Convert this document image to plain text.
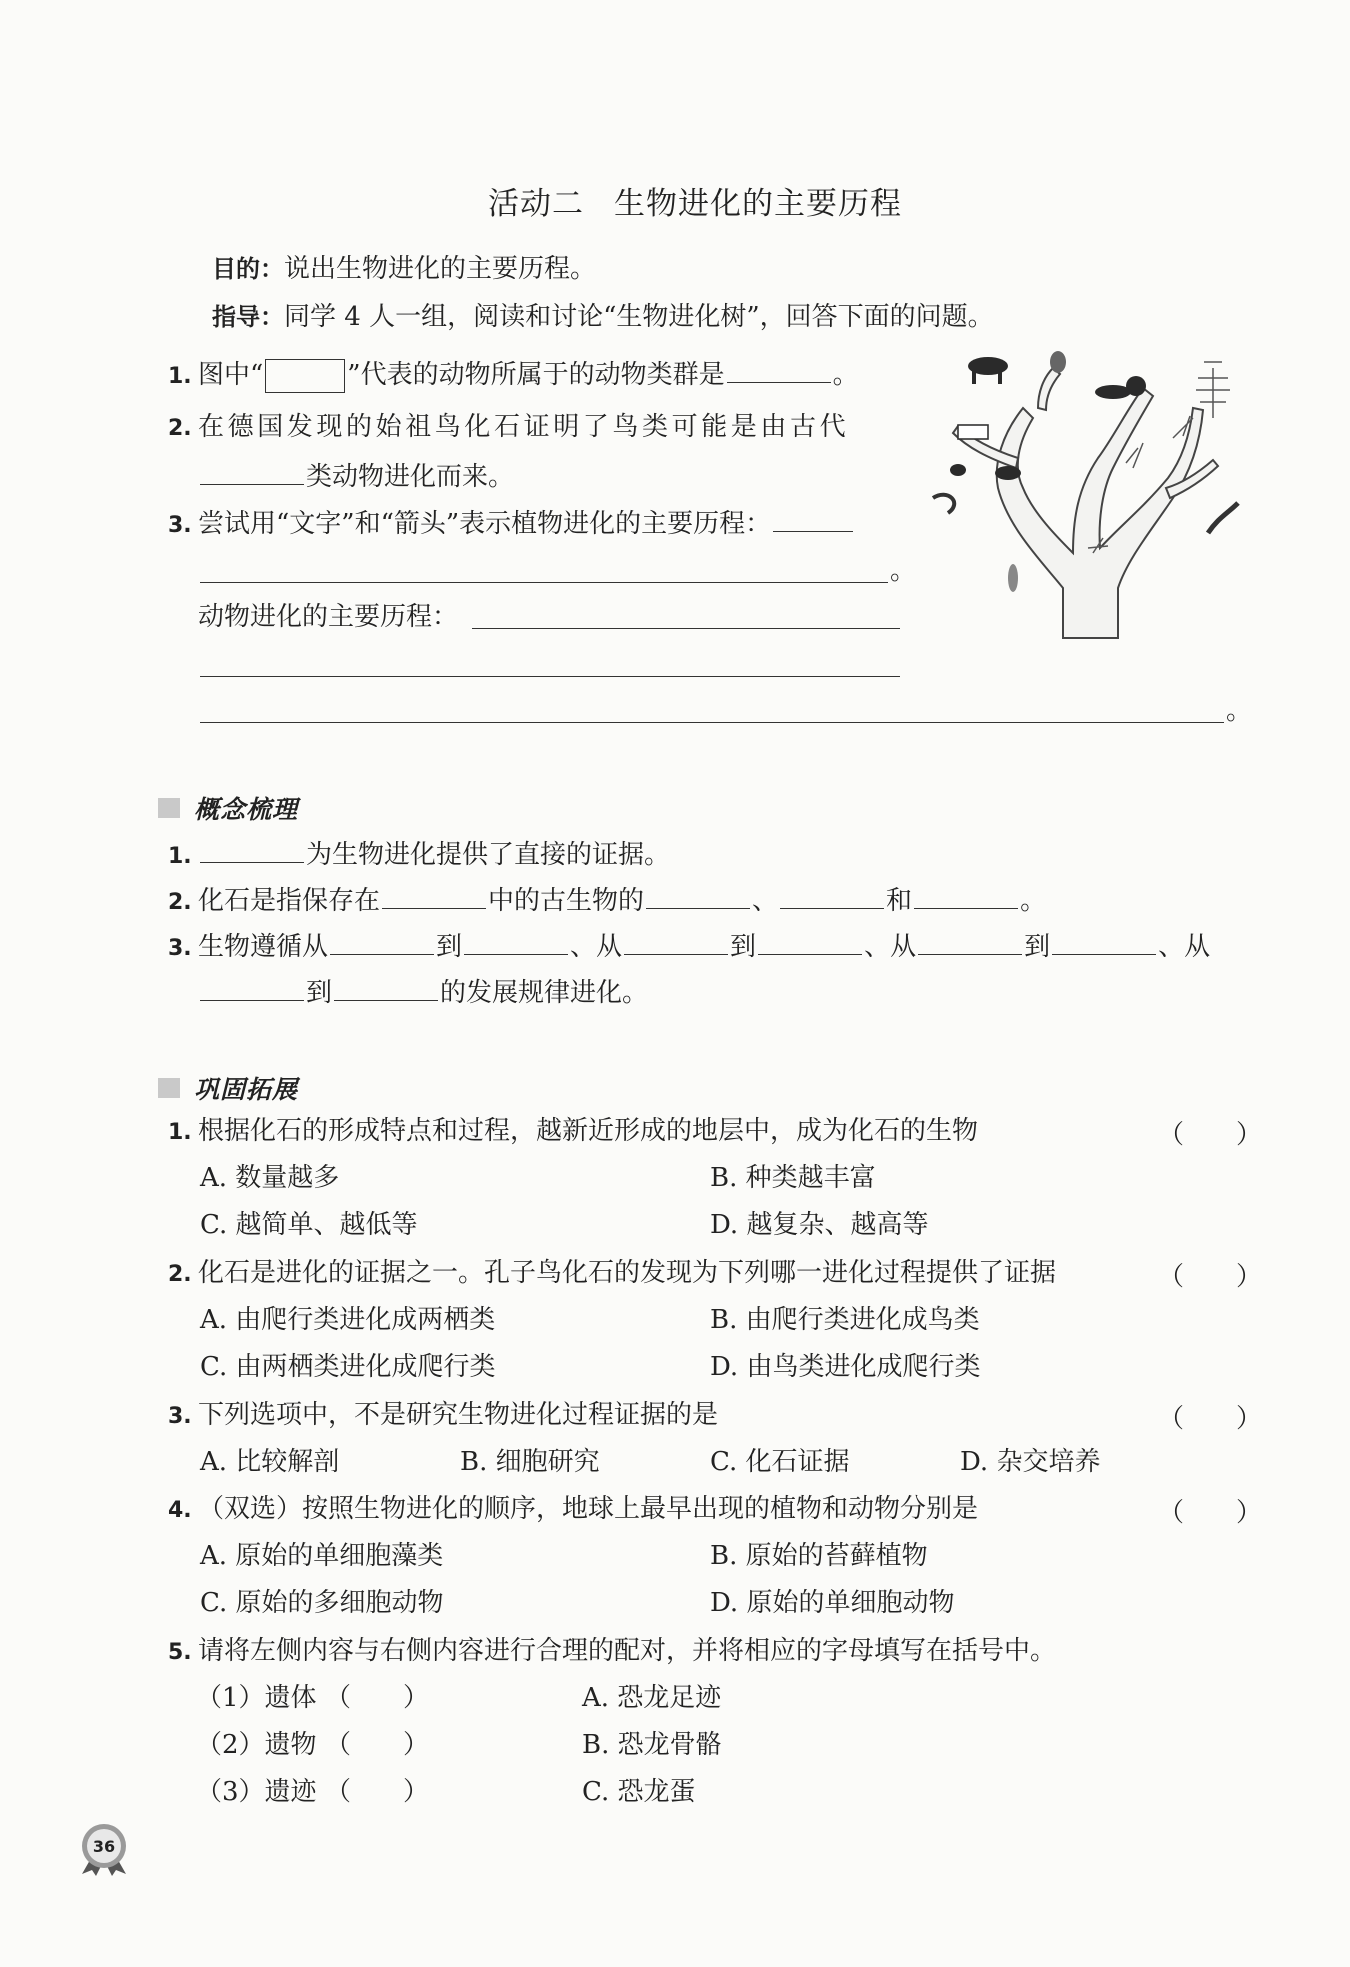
活动二 生物进化的主要历程
目的：说出生物进化的主要历程。
指导：同学 4 人一组，阅读和讨论“生物进化树”，回答下面的问题。
1. 图中“	”代表的动物所属于的动物类群是	。
2. 在德国发现的始祖鸟化石证明了鸟类可能是由古代
类动物进化而来。
3. 尝试用“文字”和“箭头”表示植物进化的主要历程：
。
动物进化的主要历程：
。
概念梳理
1.	为生物进化提供了直接的证据。
2. 化石是指保存在	中的古生物的	、	和	。
3. 生物遵循从	到	、从	到	、从	到	、从
到	的发展规律进化。
巩固拓展
1. 根据化石的形成特点和过程，越新近形成的地层中，成为化石的生物	（　　）
A. 数量越多	B. 种类越丰富
C. 越简单、越低等	D. 越复杂、越高等
2. 化石是进化的证据之一。孔子鸟化石的发现为下列哪一进化过程提供了证据	（　　）
A. 由爬行类进化成两栖类	B. 由爬行类进化成鸟类
C. 由两栖类进化成爬行类	D. 由鸟类进化成爬行类
3. 下列选项中，不是研究生物进化过程证据的是	（　　）
A. 比较解剖	B. 细胞研究	C. 化石证据	D. 杂交培养
4. （双选）按照生物进化的顺序，地球上最早出现的植物和动物分别是	（　　）
A. 原始的单细胞藻类	B. 原始的苔藓植物
C. 原始的多细胞动物	D. 原始的单细胞动物
5. 请将左侧内容与右侧内容进行合理的配对，并将相应的字母填写在括号中。
（1）遗体 （　　）	A. 恐龙足迹
（2）遗物 （　　）	B. 恐龙骨骼
（3）遗迹 （　　）	C. 恐龙蛋
36
